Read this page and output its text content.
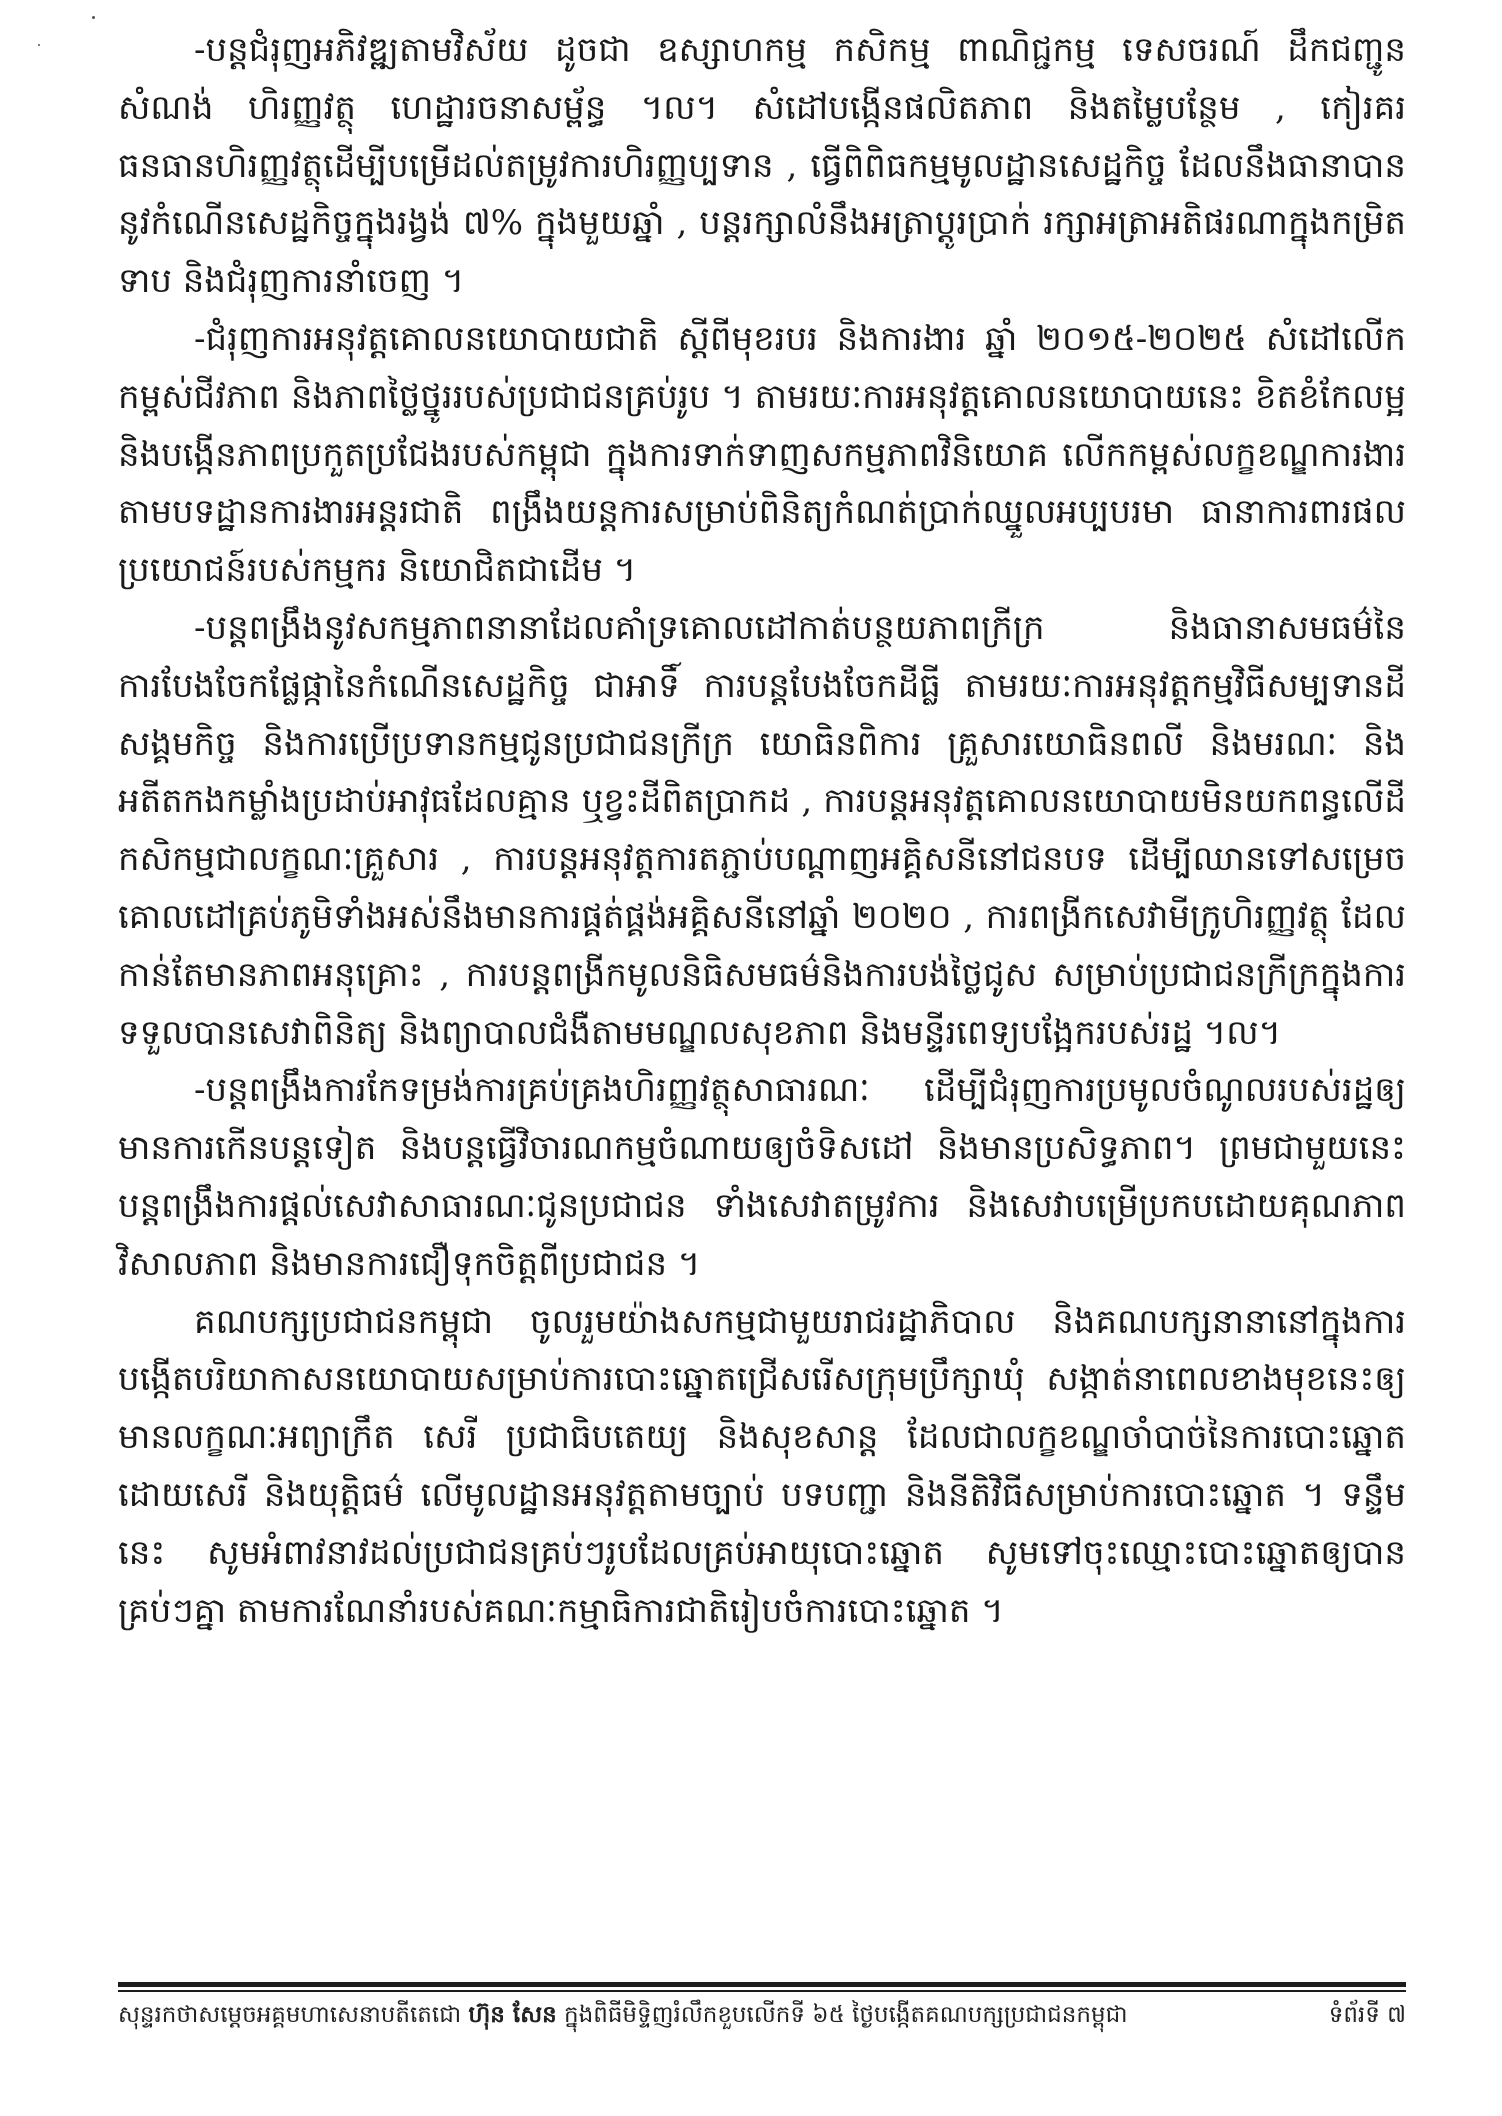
-បន្តជំរុញអភិវឌ្ឍតាមវិស័យ ដូចជា ឧស្សាហកម្ម កសិកម្ម ពាណិជ្ជកម្ម ទេសចរណ៍ ដឹកជញ្ជូន សំណង់ ហិរញ្ញវត្ថុ ហេដ្ឋារចនាសម្ព័ន្ធ ។ល។ សំដៅបង្កើនផលិតភាព និងតម្លៃបន្ថែម , កៀរគរធនធានហិរញ្ញវត្ថុដើម្បីបម្រើដល់តម្រូវការហិរញ្ញប្បទាន , ធ្វើពិពិធកម្មមូលដ្ឋានសេដ្ឋកិច្ច ដែលនឹងធានាបាននូវកំណើនសេដ្ឋកិច្ចក្នុងរង្វង់ ៧% ក្នុងមួយឆ្នាំ , បន្តរក្សាលំនឹងអត្រាប្តូរប្រាក់ រក្សាអត្រាអតិផរណាក្នុងកម្រិតទាប និងជំរុញការនាំចេញ ។

-ជំរុញការអនុវត្តគោលនយោបាយជាតិ ស្តីពីមុខរបរ និងការងារ ឆ្នាំ ២០១៥-២០២៥ សំដៅលើកកម្ពស់ជីវភាព និងភាពថ្លៃថ្នូររបស់ប្រជាជនគ្រប់រូប ។ តាមរយៈការអនុវត្តគោលនយោបាយនេះ ខិតខំកែលម្អ និងបង្កើនភាពប្រកួតប្រជែងរបស់កម្ពុជា ក្នុងការទាក់ទាញសកម្មភាពវិនិយោគ លើកកម្ពស់លក្ខខណ្ឌការងារតាមបទដ្ឋានការងារអន្តរជាតិ ពង្រឹងយន្តការសម្រាប់ពិនិត្យកំណត់ប្រាក់ឈ្នួលអប្បបរមា ធានាការពារផលប្រយោជន៍របស់កម្មករ និយោជិតជាដើម ។

-បន្តពង្រឹងនូវសកម្មភាពនានាដែលគាំទ្រគោលដៅកាត់បន្ថយភាពក្រីក្រ និងធានាសមធម៌នៃការបែងចែកផ្លែផ្កានៃកំណើនសេដ្ឋកិច្ច ជាអាទិ៍ ការបន្តបែងចែកដីធ្លី តាមរយៈការអនុវត្តកម្មវិធីសម្បទានដីសង្គមកិច្ច និងការប្រើប្រទានកម្មជូនប្រជាជនក្រីក្រ យោធិនពិការ គ្រួសារយោធិនពលី និងមរណៈ និងអតីតកងកម្លាំងប្រដាប់អាវុធដែលគ្មាន ឬខ្វះដីពិតប្រាកដ , ការបន្តអនុវត្តគោលនយោបាយមិនយកពន្ធលើដីកសិកម្មជាលក្ខណៈគ្រួសារ , ការបន្តអនុវត្តការតភ្ជាប់បណ្តាញអគ្គិសនីនៅជនបទ ដើម្បីឈានទៅសម្រេចគោលដៅគ្រប់ភូមិទាំងអស់នឹងមានការផ្គត់ផ្គង់អគ្គិសនីនៅឆ្នាំ ២០២០ , ការពង្រីកសេវាមីក្រូហិរញ្ញវត្ថុ ដែលកាន់តែមានភាពអនុគ្រោះ , ការបន្តពង្រីកមូលនិធិសមធម៌និងការបង់ថ្លៃជូស សម្រាប់ប្រជាជនក្រីក្រក្នុងការទទួលបានសេវាពិនិត្យ និងព្យាបាលជំងឺតាមមណ្ឌលសុខភាព និងមន្ទីរពេទ្យបង្អែករបស់រដ្ឋ ។ល។

-បន្តពង្រឹងការកែទម្រង់ការគ្រប់គ្រងហិរញ្ញវត្ថុសាធារណៈ ដើម្បីជំរុញការប្រមូលចំណូលរបស់រដ្ឋឲ្យមានការកើនបន្តទៀត និងបន្តធ្វើវិចារណកម្មចំណាយឲ្យចំទិសដៅ និងមានប្រសិទ្ធភាព។ ព្រមជាមួយនេះ បន្តពង្រឹងការផ្តល់សេវាសាធារណៈជូនប្រជាជន ទាំងសេវាតម្រូវការ និងសេវាបម្រើប្រកបដោយគុណភាព វិសាលភាព និងមានការជឿទុកចិត្តពីប្រជាជន ។

គណបក្សប្រជាជនកម្ពុជា ចូលរួមយ៉ាងសកម្មជាមួយរាជរដ្ឋាភិបាល និងគណបក្សនានានៅក្នុងការបង្កើតបរិយាកាសនយោបាយសម្រាប់ការបោះឆ្នោតជ្រើសរើសក្រុមប្រឹក្សាឃុំ សង្កាត់នាពេលខាងមុខនេះឲ្យមានលក្ខណៈអព្យាក្រឹត សេរី ប្រជាធិបតេយ្យ និងសុខសាន្ត ដែលជាលក្ខខណ្ឌចាំបាច់នៃការបោះឆ្នោតដោយសេរី និងយុត្តិធម៌ លើមូលដ្ឋានអនុវត្តតាមច្បាប់ បទបញ្ជា និងនីតិវិធីសម្រាប់ការបោះឆ្នោត ។ ទន្ទឹមនេះ សូមអំពាវនាវដល់ប្រជាជនគ្រប់ៗរូបដែលគ្រប់អាយុបោះឆ្នោត សូមទៅចុះឈ្មោះបោះឆ្នោតឲ្យបានគ្រប់ៗគ្នា តាមការណែនាំរបស់គណៈកម្មាធិការជាតិរៀបចំការបោះឆ្នោត ។

សុន្ទរកថាសម្តេចអគ្គមហាសេនាបតីតេជោ ហ៊ុន សែន ក្នុងពិធីមិទ្ទិញរំលឹកខួបលើកទី ៦៥ ថ្ងៃបង្កើតគណបក្សប្រជាជនកម្ពុជា	ទំព័រទី ៧
